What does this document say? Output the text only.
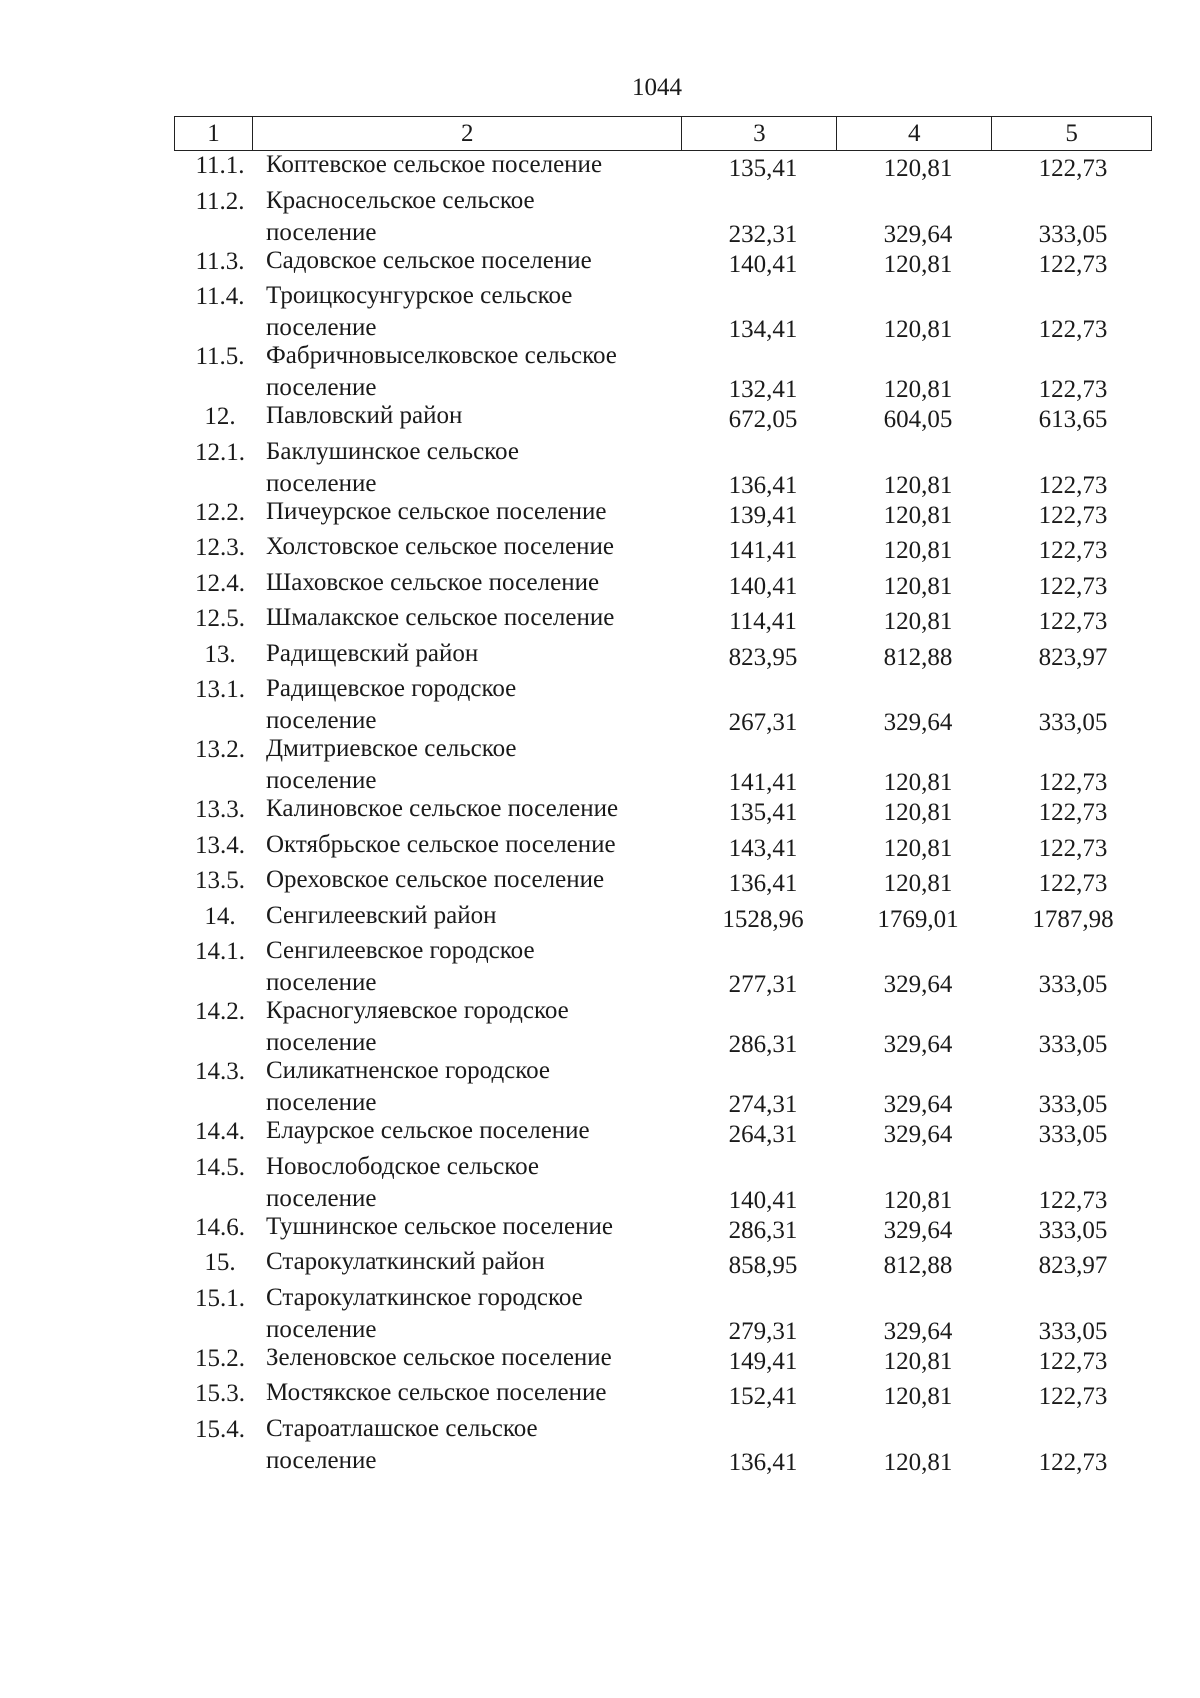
1044
1	2	3	4	5
11.1. Коптевское сельское поселение	135,41	120,81	122,73
11.2. Красносельское сельское
поселение	232,31	329,64	333,05
11.3. Садовское сельское поселение	140,41	120,81	122,73
11.4. Троицкосунгурское сельское
поселение	134,41	120,81	122,73
11.5. Фабричновыселковское сельское
поселение	132,41	120,81	122,73
12.	Павловский район	672,05	604,05	613,65
12.1. Баклушинское сельское
поселение	136,41	120,81	122,73
12.2. Пичеурское сельское поселение	139,41	120,81	122,73
12.3. Холстовское сельское поселение	141,41	120,81	122,73
12.4. Шаховское сельское поселение	140,41	120,81	122,73
12.5. Шмалакское сельское поселение	114,41	120,81	122,73
13.	Радищевский район	823,95	812,88	823,97
13.1. Радищевское городское
поселение	267,31	329,64	333,05
13.2. Дмитриевское сельское
поселение	141,41	120,81	122,73
13.3. Калиновское сельское поселение	135,41	120,81	122,73
13.4. Октябрьское сельское поселение	143,41	120,81	122,73
13.5. Ореховское сельское поселение	136,41	120,81	122,73
14.	Сенгилеевский район	1528,96	1769,01	1787,98
14.1. Сенгилеевское городское
поселение	277,31	329,64	333,05
14.2. Красногуляевское городское
поселение	286,31	329,64	333,05
14.3. Силикатненское городское
поселение	274,31	329,64	333,05
14.4. Елаурское сельское поселение	264,31	329,64	333,05
14.5. Новослободское сельское
поселение	140,41	120,81	122,73
14.6. Тушнинское сельское поселение	286,31	329,64	333,05
15.	Старокулаткинский район	858,95	812,88	823,97
15.1. Старокулаткинское городское
поселение	279,31	329,64	333,05
15.2. Зеленовское сельское поселение	149,41	120,81	122,73
15.3. Мостякское сельское поселение	152,41	120,81	122,73
15.4. Староатлашское сельское
поселение	136,41	120,81	122,73
